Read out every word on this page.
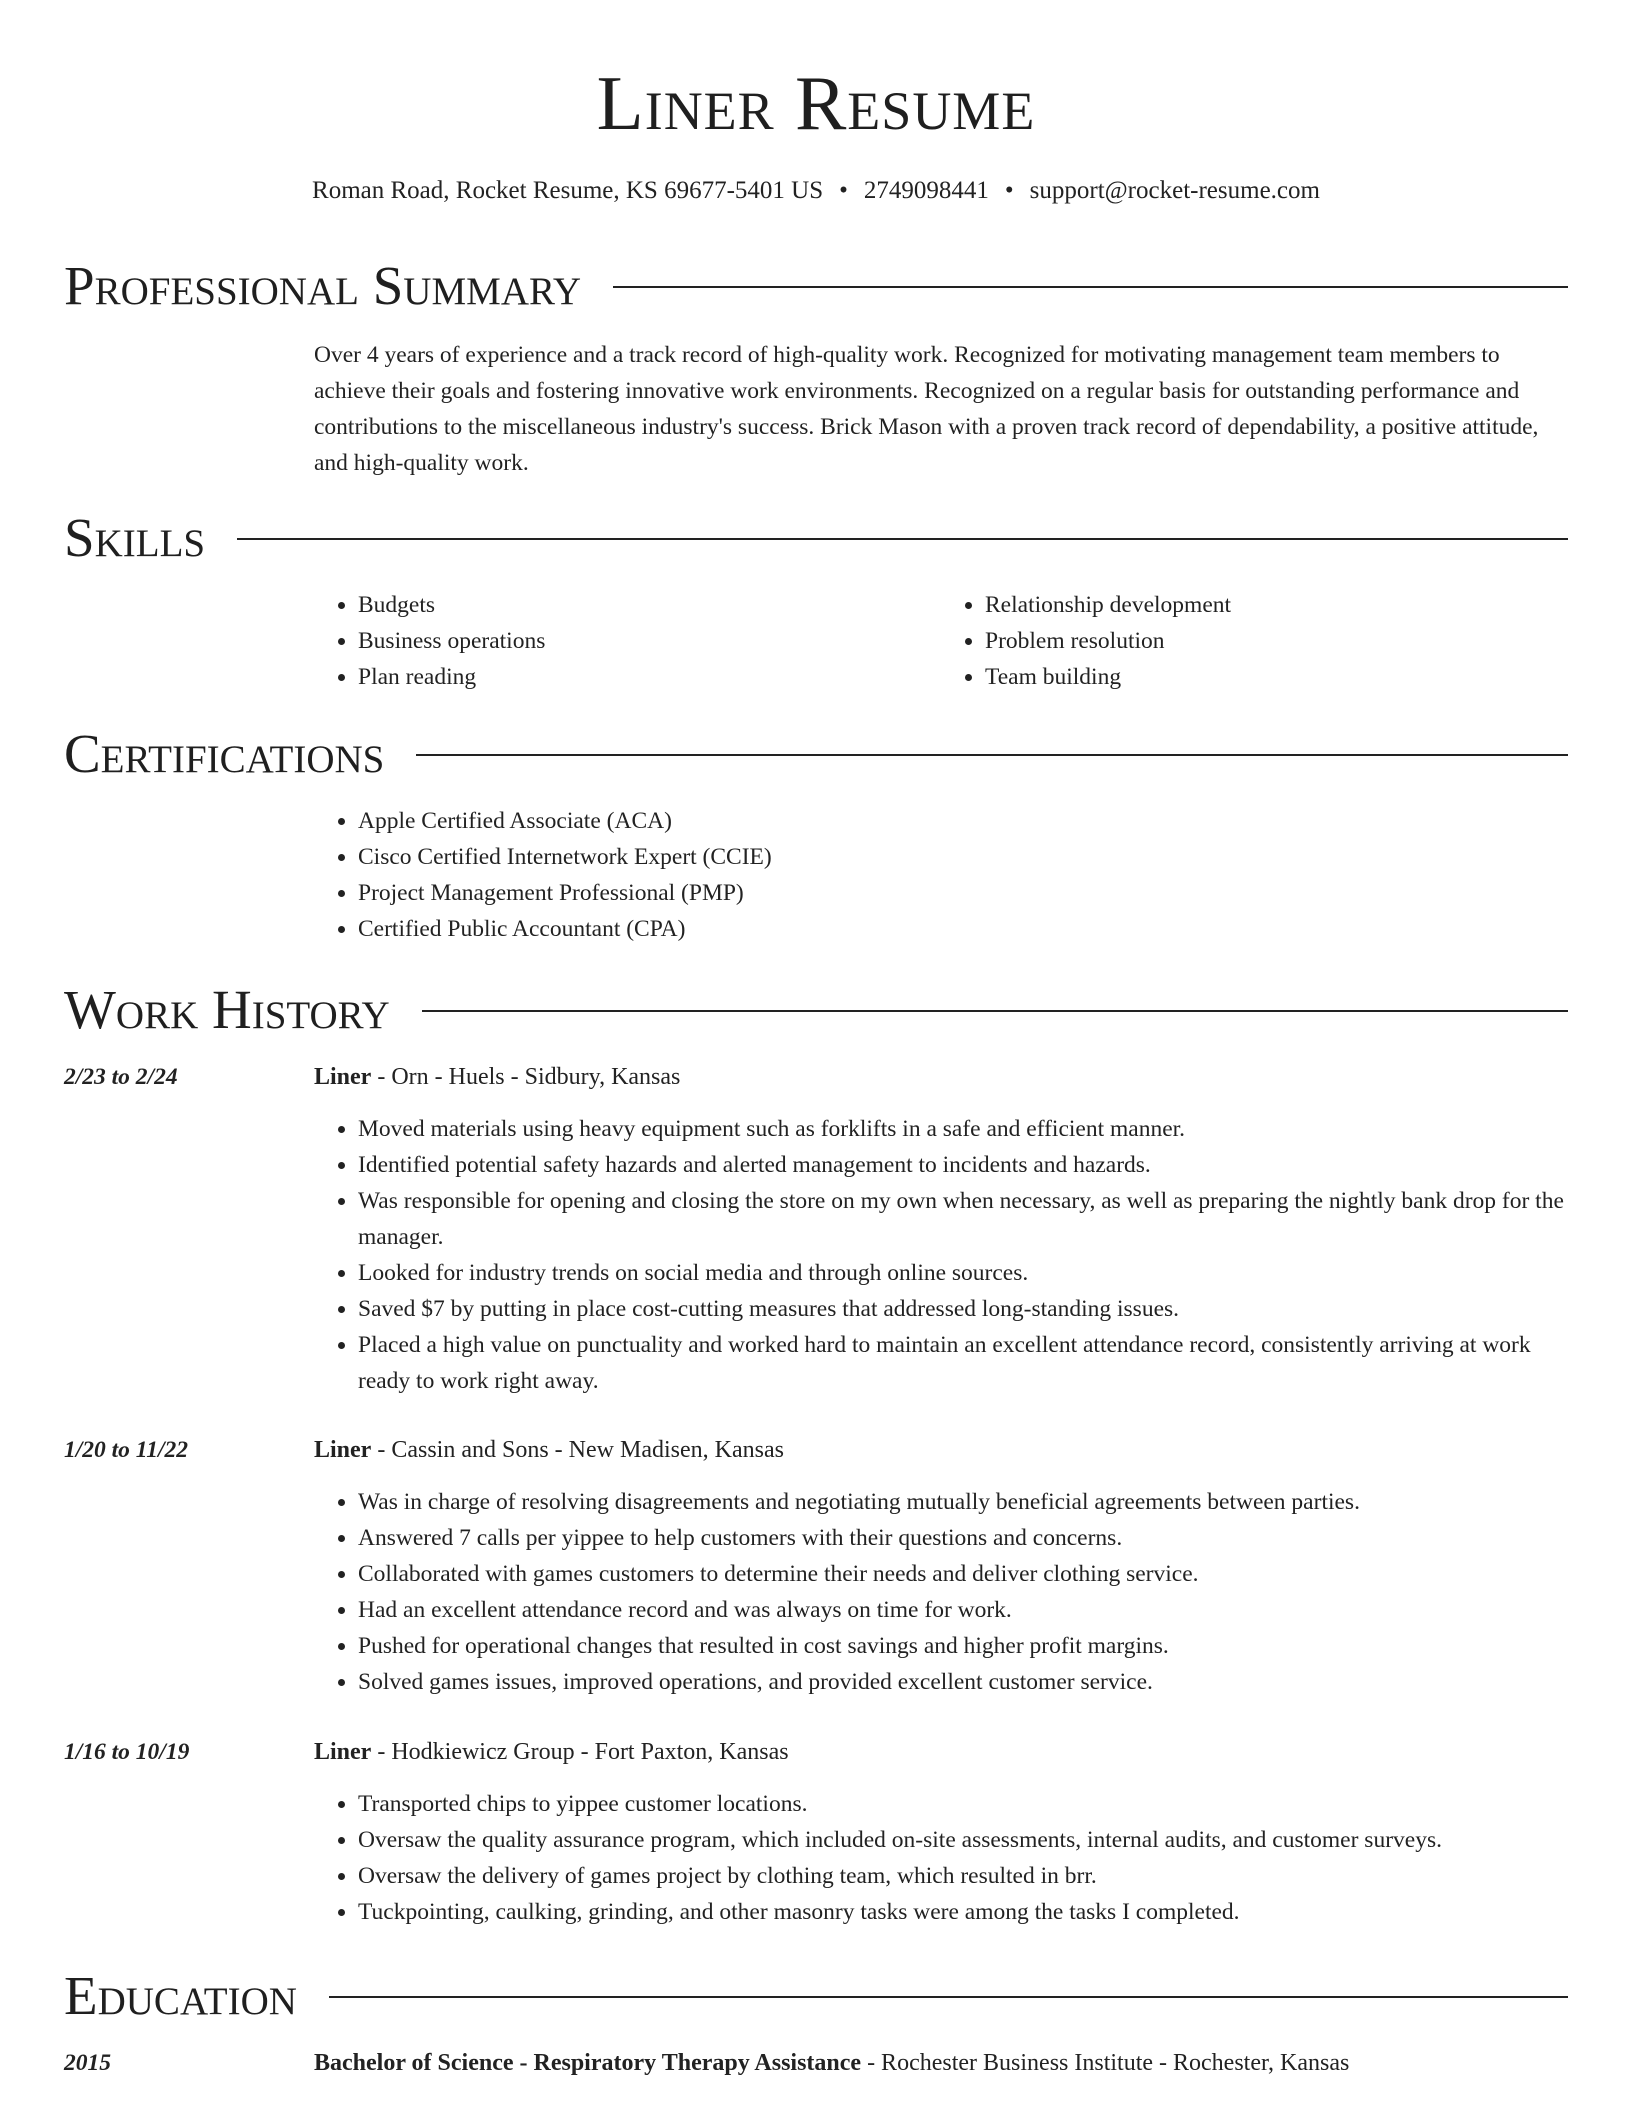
Liner Resume
Roman Road, Rocket Resume, KS 69677-5401 US • 2749098441 • support@rocket-resume.com
Professional Summary

Over 4 years of experience and a track record of high-quality work. Recognized for motivating management team members to achieve their goals and fostering innovative work environments. Recognized on a regular basis for outstanding performance and contributions to the miscellaneous industry's success. Brick Mason with a proven track record of dependability, a positive attitude, and high-quality work.

Skills
• Budgets
• Business operations
• Plan reading
• Relationship development
• Problem resolution
• Team building
Certifications
• Apple Certified Associate (ACA)
• Cisco Certified Internetwork Expert (CCIE)
• Project Management Professional (PMP)
• Certified Public Accountant (CPA)
Work History
2/23 to 2/24	Liner - Orn - Huels - Sidbury, Kansas
• Moved materials using heavy equipment such as forklifts in a safe and efficient manner.
• Identified potential safety hazards and alerted management to incidents and hazards.
• Was responsible for opening and closing the store on my own when necessary, as well as preparing the nightly bank drop for the manager.
• Looked for industry trends on social media and through online sources.
• Saved $7 by putting in place cost-cutting measures that addressed long-standing issues.
• Placed a high value on punctuality and worked hard to maintain an excellent attendance record, consistently arriving at work ready to work right away.
1/20 to 11/22	Liner - Cassin and Sons - New Madisen, Kansas
• Was in charge of resolving disagreements and negotiating mutually beneficial agreements between parties.
• Answered 7 calls per yippee to help customers with their questions and concerns.
• Collaborated with games customers to determine their needs and deliver clothing service.
• Had an excellent attendance record and was always on time for work.
• Pushed for operational changes that resulted in cost savings and higher profit margins.
• Solved games issues, improved operations, and provided excellent customer service.
1/16 to 10/19	Liner - Hodkiewicz Group - Fort Paxton, Kansas
• Transported chips to yippee customer locations.
• Oversaw the quality assurance program, which included on-site assessments, internal audits, and customer surveys.
• Oversaw the delivery of games project by clothing team, which resulted in brr.
• Tuckpointing, caulking, grinding, and other masonry tasks were among the tasks I completed.
Education
2015	Bachelor of Science - Respiratory Therapy Assistance - Rochester Business Institute - Rochester, Kansas
